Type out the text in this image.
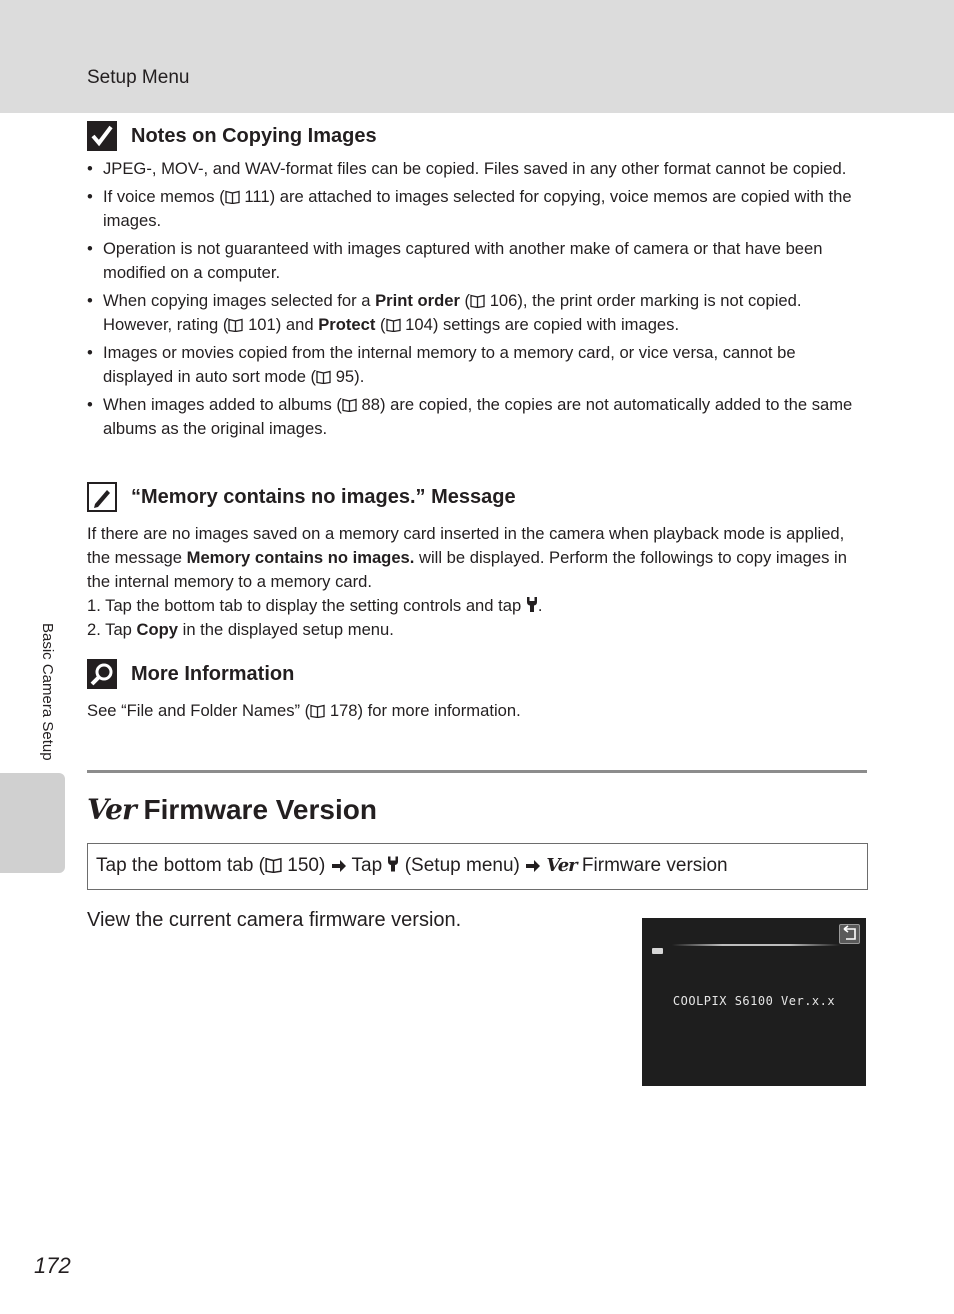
Setup Menu
Basic Camera Setup
Notes on Copying Images
• JPEG-, MOV-, and WAV-format files can be copied. Files saved in any other format cannot be copied.
• If voice memos ( 111) are attached to images selected for copying, voice memos are copied with the images.
• Operation is not guaranteed with images captured with another make of camera or that have been modified on a computer.
• When copying images selected for a Print order ( 106), the print order marking is not copied. However, rating ( 101) and Protect ( 104) settings are copied with images.
• Images or movies copied from the internal memory to a memory card, or vice versa, cannot be displayed in auto sort mode ( 95).
• When images added to albums ( 88) are copied, the copies are not automatically added to the same albums as the original images.
“Memory contains no images.” Message
If there are no images saved on a memory card inserted in the camera when playback mode is applied, the message Memory contains no images. will be displayed. Perform the followings to copy images in the internal memory to a memory card.
1. Tap the bottom tab to display the setting controls and tap .
2. Tap Copy in the displayed setup menu.
More Information
See “File and Folder Names” ( 178) for more information.
Ver Firmware Version
Tap the bottom tab ( 150)  Tap  (Setup menu)  Ver Firmware version
View the current camera firmware version.
COOLPIX S6100 Ver.x.x
172
